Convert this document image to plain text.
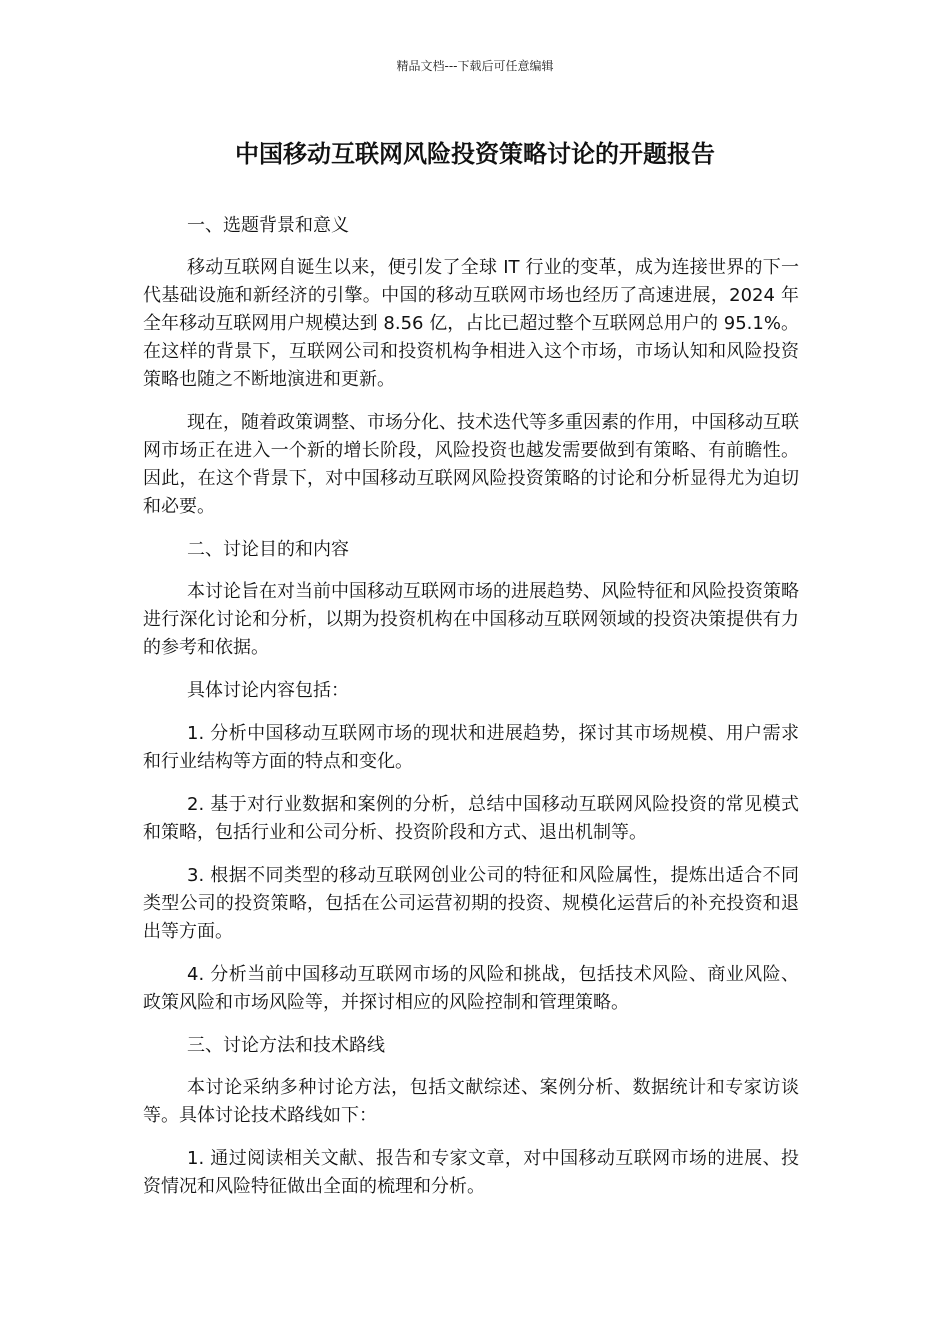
精品文档---下载后可任意编辑
中国移动互联网风险投资策略讨论的开题报告

一、选题背景和意义

移动互联网自诞生以来，便引发了全球 IT 行业的变革，成为连接世界的下一代基础设施和新经济的引擎。中国的移动互联网市场也经历了高速进展，2024 年全年移动互联网用户规模达到 8.56 亿，占比已超过整个互联网总用户的 95.1%。在这样的背景下，互联网公司和投资机构争相进入这个市场，市场认知和风险投资策略也随之不断地演进和更新。

现在，随着政策调整、市场分化、技术迭代等多重因素的作用，中国移动互联网市场正在进入一个新的增长阶段，风险投资也越发需要做到有策略、有前瞻性。因此，在这个背景下，对中国移动互联网风险投资策略的讨论和分析显得尤为迫切和必要。

二、讨论目的和内容

本讨论旨在对当前中国移动互联网市场的进展趋势、风险特征和风险投资策略进行深化讨论和分析，以期为投资机构在中国移动互联网领域的投资决策提供有力的参考和依据。

具体讨论内容包括：

1. 分析中国移动互联网市场的现状和进展趋势，探讨其市场规模、用户需求和行业结构等方面的特点和变化。

2. 基于对行业数据和案例的分析，总结中国移动互联网风险投资的常见模式和策略，包括行业和公司分析、投资阶段和方式、退出机制等。

3. 根据不同类型的移动互联网创业公司的特征和风险属性，提炼出适合不同类型公司的投资策略，包括在公司运营初期的投资、规模化运营后的补充投资和退出等方面。

4. 分析当前中国移动互联网市场的风险和挑战，包括技术风险、商业风险、政策风险和市场风险等，并探讨相应的风险控制和管理策略。

三、讨论方法和技术路线

本讨论采纳多种讨论方法，包括文献综述、案例分析、数据统计和专家访谈等。具体讨论技术路线如下：

1. 通过阅读相关文献、报告和专家文章，对中国移动互联网市场的进展、投资情况和风险特征做出全面的梳理和分析。
